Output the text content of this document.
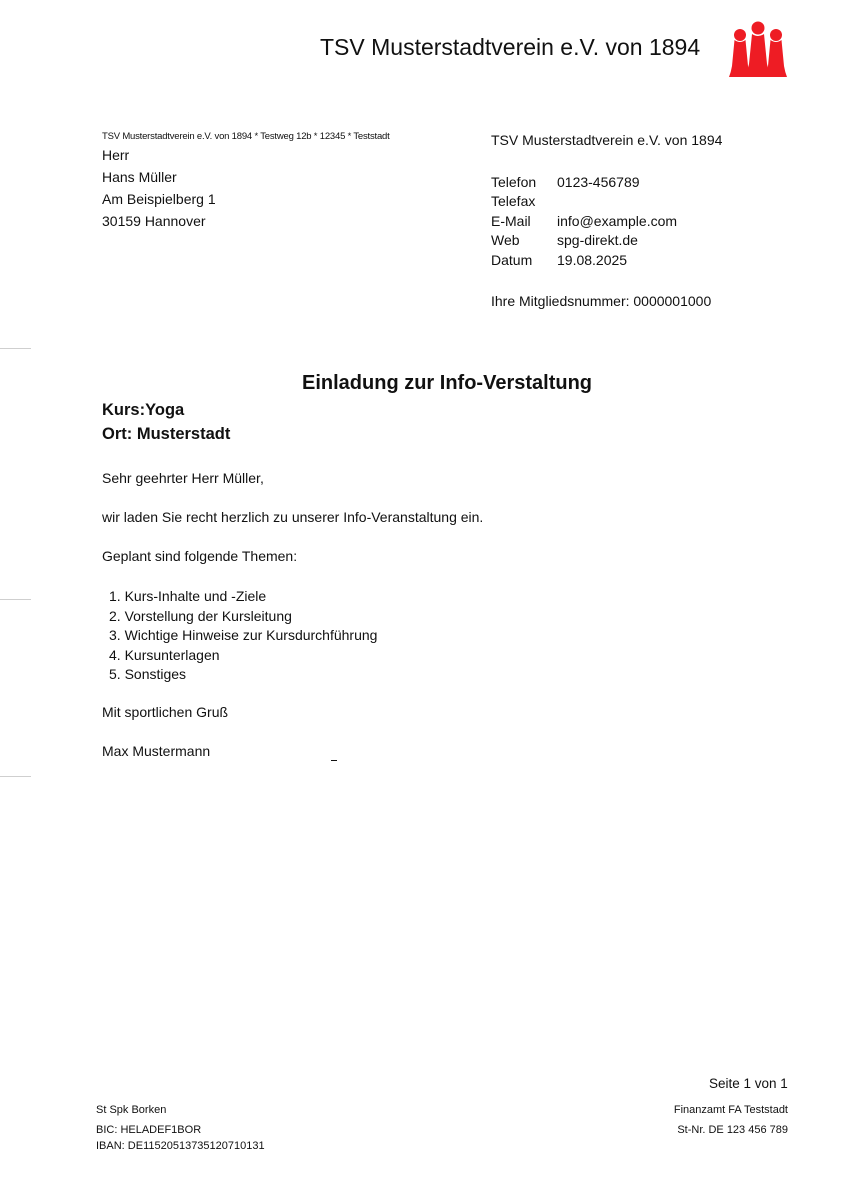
TSV Musterstadtverein e.V. von 1894
TSV Musterstadtverein e.V. von 1894 * Testweg 12b * 12345 * Teststadt
Herr
Hans Müller
Am Beispielberg 1
30159 Hannover
TSV Musterstadtverein e.V. von 1894
Telefon	0123-456789
Telefax
E-Mail	info@example.com
Web	spg-direkt.de
Datum	19.08.2025
Ihre Mitgliedsnummer: 0000001000
Einladung zur Info-Verstaltung
Kurs:Yoga
Ort: Musterstadt
Sehr geehrter Herr Müller,
wir laden Sie recht herzlich zu unserer Info-Veranstaltung ein.
Geplant sind folgende Themen:
1. Kurs-Inhalte und -Ziele
2. Vorstellung der Kursleitung
3. Wichtige Hinweise zur Kursdurchführung
4. Kursunterlagen
5. Sonstiges
Mit sportlichen Gruß
Max Mustermann
Seite 1 von 1
St Spk Borken
BIC: HELADEF1BOR
IBAN: DE11520513735120710131
Finanzamt FA Teststadt
St-Nr. DE 123 456 789
